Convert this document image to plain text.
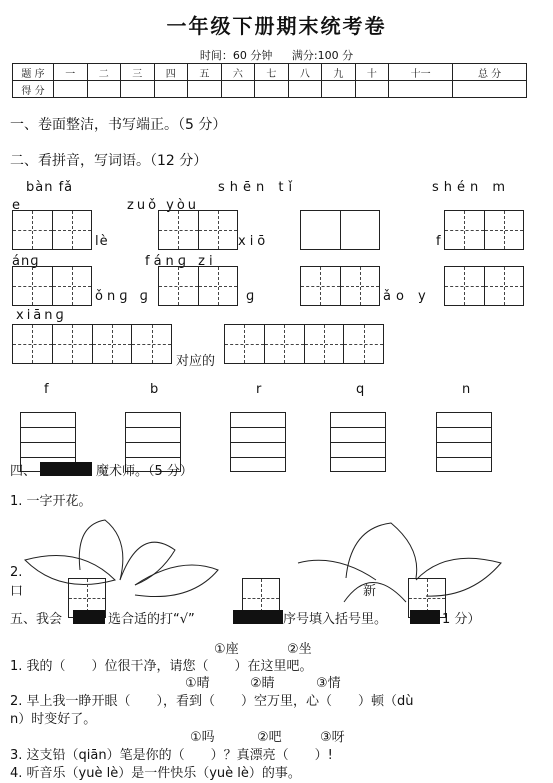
一年级下册期末统考卷
时间：60 分钟 满分:100 分
题 序	一	二	三	四	五	六	七	八	九	十	十一	总 分
得 分												
一、卷面整洁，书写端正。（5 分）
二、看拼音，写词语。（12 分）
bàn fǎ	shēn tǐ	shén m
e	zuǒ yòu
lè	xiō	f
ánɡ	fánɡ zi
ǒnɡ ɡ	ɡ	ǎo y
xiānɡ
对应的
f	b	r	q	n
四、	魔术师。（5 分）
1. 一字开花。
新
2.
口
五、我会	选合适的打“√”	序号填入括号里。	1 分）
①座	②坐
1. 我的（　　）位很干净，请您（　　）在这里吧。
①晴	②睛	③情
2. 早上我一睁开眼（　　），看到（　　）空万里，心（　　）顿（dù
n）时变好了。
①吗	②吧	③呀
3. 这支铅（qiān）笔是你的（　　）？真漂亮（　　）!
4. 听音乐（yuè lè）是一件快乐（yuè lè）的事。
